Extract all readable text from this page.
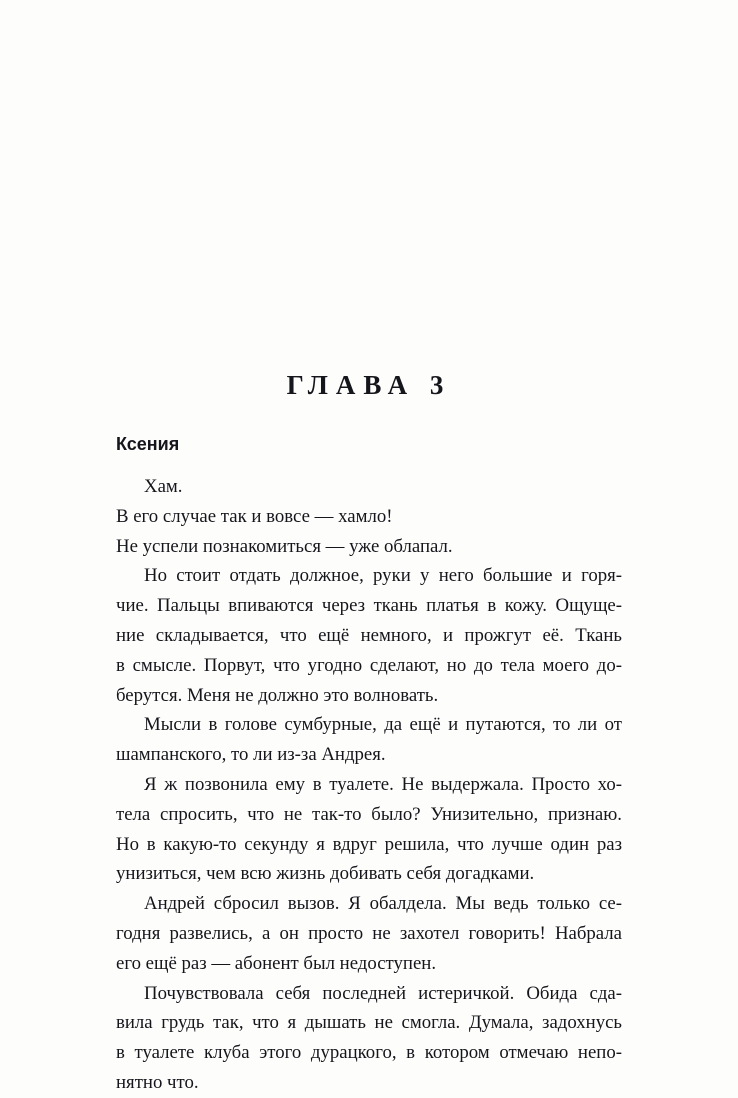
ГЛАВА 3
Ксения
Хам.
В его случае так и вовсе — хамло!
Не успели познакомиться — уже облапал.
Но стоит отдать должное, руки у него большие и горя-
чие. Пальцы впиваются через ткань платья в кожу. Ощуще-
ние складывается, что ещё немного, и прожгут её. Ткань
в смысле. Порвут, что угодно сделают, но до тела моего до-
берутся. Меня не должно это волновать.
Мысли в голове сумбурные, да ещё и путаются, то ли от
шампанского, то ли из-за Андрея.
Я ж позвонила ему в туалете. Не выдержала. Просто хо-
тела спросить, что не так-то было? Унизительно, признаю.
Но в какую-то секунду я вдруг решила, что лучше один раз
унизиться, чем всю жизнь добивать себя догадками.
Андрей сбросил вызов. Я обалдела. Мы ведь только се-
годня развелись, а он просто не захотел говорить! Набрала
его ещё раз — абонент был недоступен.
Почувствовала себя последней истеричкой. Обида сда-
вила грудь так, что я дышать не смогла. Думала, задохнусь
в туалете клуба этого дурацкого, в котором отмечаю непо-
нятно что.
